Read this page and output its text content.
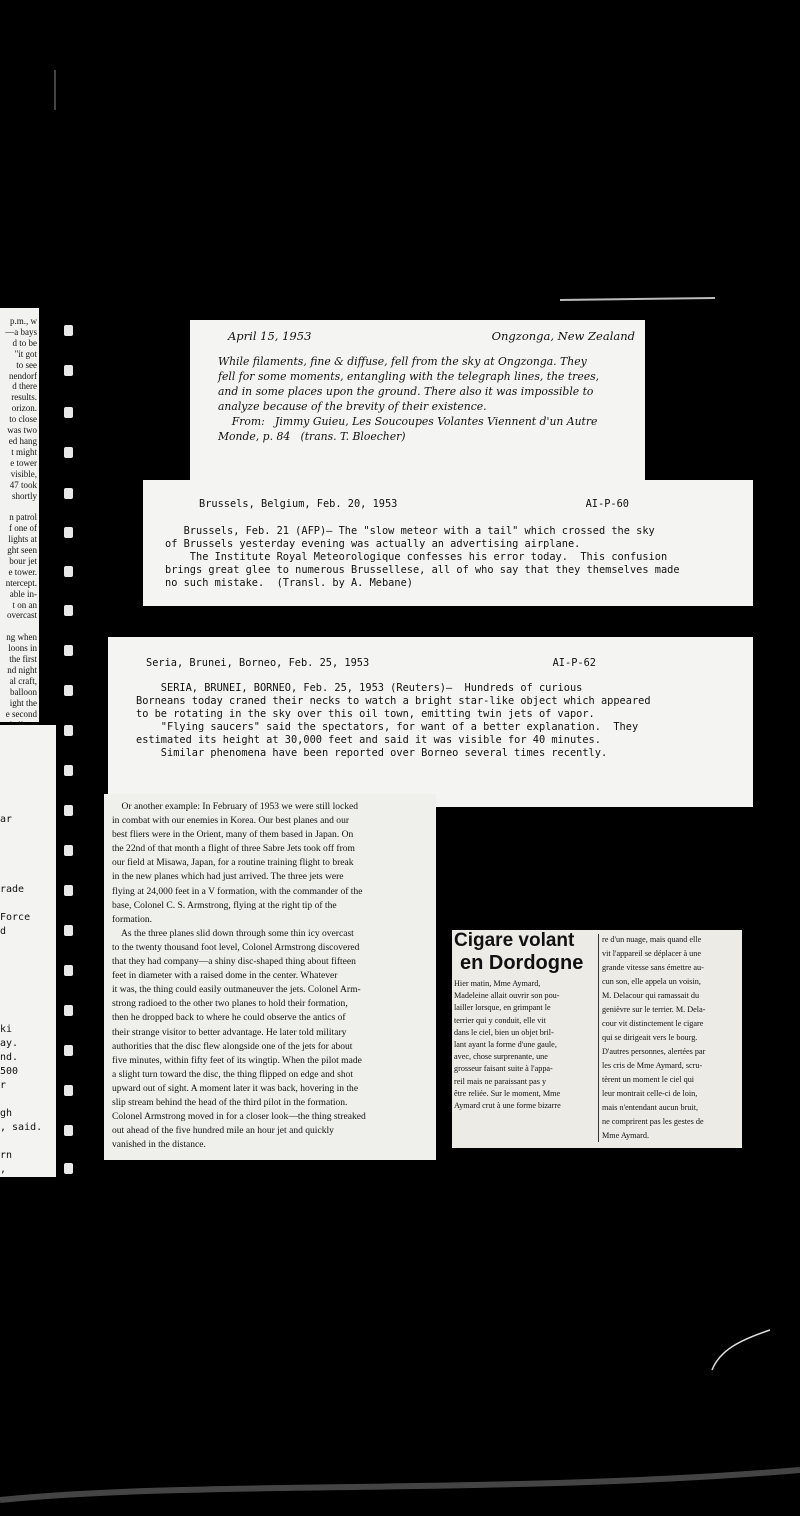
p.m., w
—a bays
d to be
"it got
to see
nendorf
d there
results.
orizon.
to close
was two
ed hang
t might
e tower
visible,
47 took
shortly

n patrol
f one of
lights at
ght seen
bour jet
e tower.
ntercept.
able in-
t on an
overcast

ng when
loons in
the first
nd night
al craft,
balloon
ight the
e second

ar

rade

Force
d

ki
ay.
nd.
500
r

gh
, said.

rn
,
April 15, 1953	Ongzonga, New Zealand
While filaments, fine & diffuse, fell from the sky at Ongzonga. They
fell for some moments, entangling with the telegraph lines, the trees,
and in some places upon the ground. There also it was impossible to
analyze because of the brevity of their existence.
From:   Jimmy Guieu, Les Soucoupes Volantes Viennent d'un Autre
Monde, p. 84   (trans. T. Bloecher)
Brussels, Belgium, Feb. 20, 1953	AI-P-60
Brussels, Feb. 21 (AFP)— The "slow meteor with a tail" which crossed the sky
of Brussels yesterday evening was actually an advertising airplane.
The Institute Royal Meteorologique confesses his error today.  This confusion
brings great glee to numerous Brussellese, all of who say that they themselves made
no such mistake.  (Transl. by A. Mebane)
Seria, Brunei, Borneo, Feb. 25, 1953	AI-P-62
SERIA, BRUNEI, BORNEO, Feb. 25, 1953 (Reuters)—  Hundreds of curious
Borneans today craned their necks to watch a bright star-like object which appeared
to be rotating in the sky over this oil town, emitting twin jets of vapor.
"Flying saucers" said the spectators, for want of a better explanation.  They
estimated its height at 30,000 feet and said it was visible for 40 minutes.
Similar phenomena have been reported over Borneo several times recently.
Or another example: In February of 1953 we were still locked
in combat with our enemies in Korea. Our best planes and our
best fliers were in the Orient, many of them based in Japan. On
the 22nd of that month a flight of three Sabre Jets took off from
our field at Misawa, Japan, for a routine training flight to break
in the new planes which had just arrived. The three jets were
flying at 24,000 feet in a V formation, with the commander of the
base, Colonel C. S. Armstrong, flying at the right tip of the
formation.
As the three planes slid down through some thin icy overcast
to the twenty thousand foot level, Colonel Armstrong discovered
that they had company—a shiny disc-shaped thing about fifteen
feet in diameter with a raised dome in the center. Whatever
it was, the thing could easily outmaneuver the jets. Colonel Arm-
strong radioed to the other two planes to hold their formation,
then he dropped back to where he could observe the antics of
their strange visitor to better advantage. He later told military
authorities that the disc flew alongside one of the jets for about
five minutes, within fifty feet of its wingtip. When the pilot made
a slight turn toward the disc, the thing flipped on edge and shot
upward out of sight. A moment later it was back, hovering in the
slip stream behind the head of the third pilot in the formation.
Colonel Armstrong moved in for a closer look—the thing streaked
out ahead of the five hundred mile an hour jet and quickly
vanished in the distance.
Cigare volant
en Dordogne
Hier matin, Mme Aymard,
Madeleine allait ouvrir son pou-
lailler lorsque, en grimpant le
terrier qui y conduit, elle vit
dans le ciel, bien un objet bril-
lant ayant la forme d'une gaule,
avec, chose surprenante, une
grosseur faisant suite à l'appa-
reil mais ne paraissant pas y
être reliée. Sur le moment, Mme
Aymard crut à une forme bizarre
re d'un nuage, mais quand elle
vit l'appareil se déplacer à une
grande vitesse sans émettre au-
cun son, elle appela un voisin,
M. Delacour qui ramassait du
genièvre sur le terrier. M. Dela-
cour vit distinctement le cigare
qui se dirigeait vers le bourg.
D'autres personnes, alertées par
les cris de Mme Aymard, scru-
tèrent un moment le ciel qui
leur montrait celle-ci de loin,
mais n'entendant aucun bruit,
ne comprirent pas les gestes de
Mme Aymard.
